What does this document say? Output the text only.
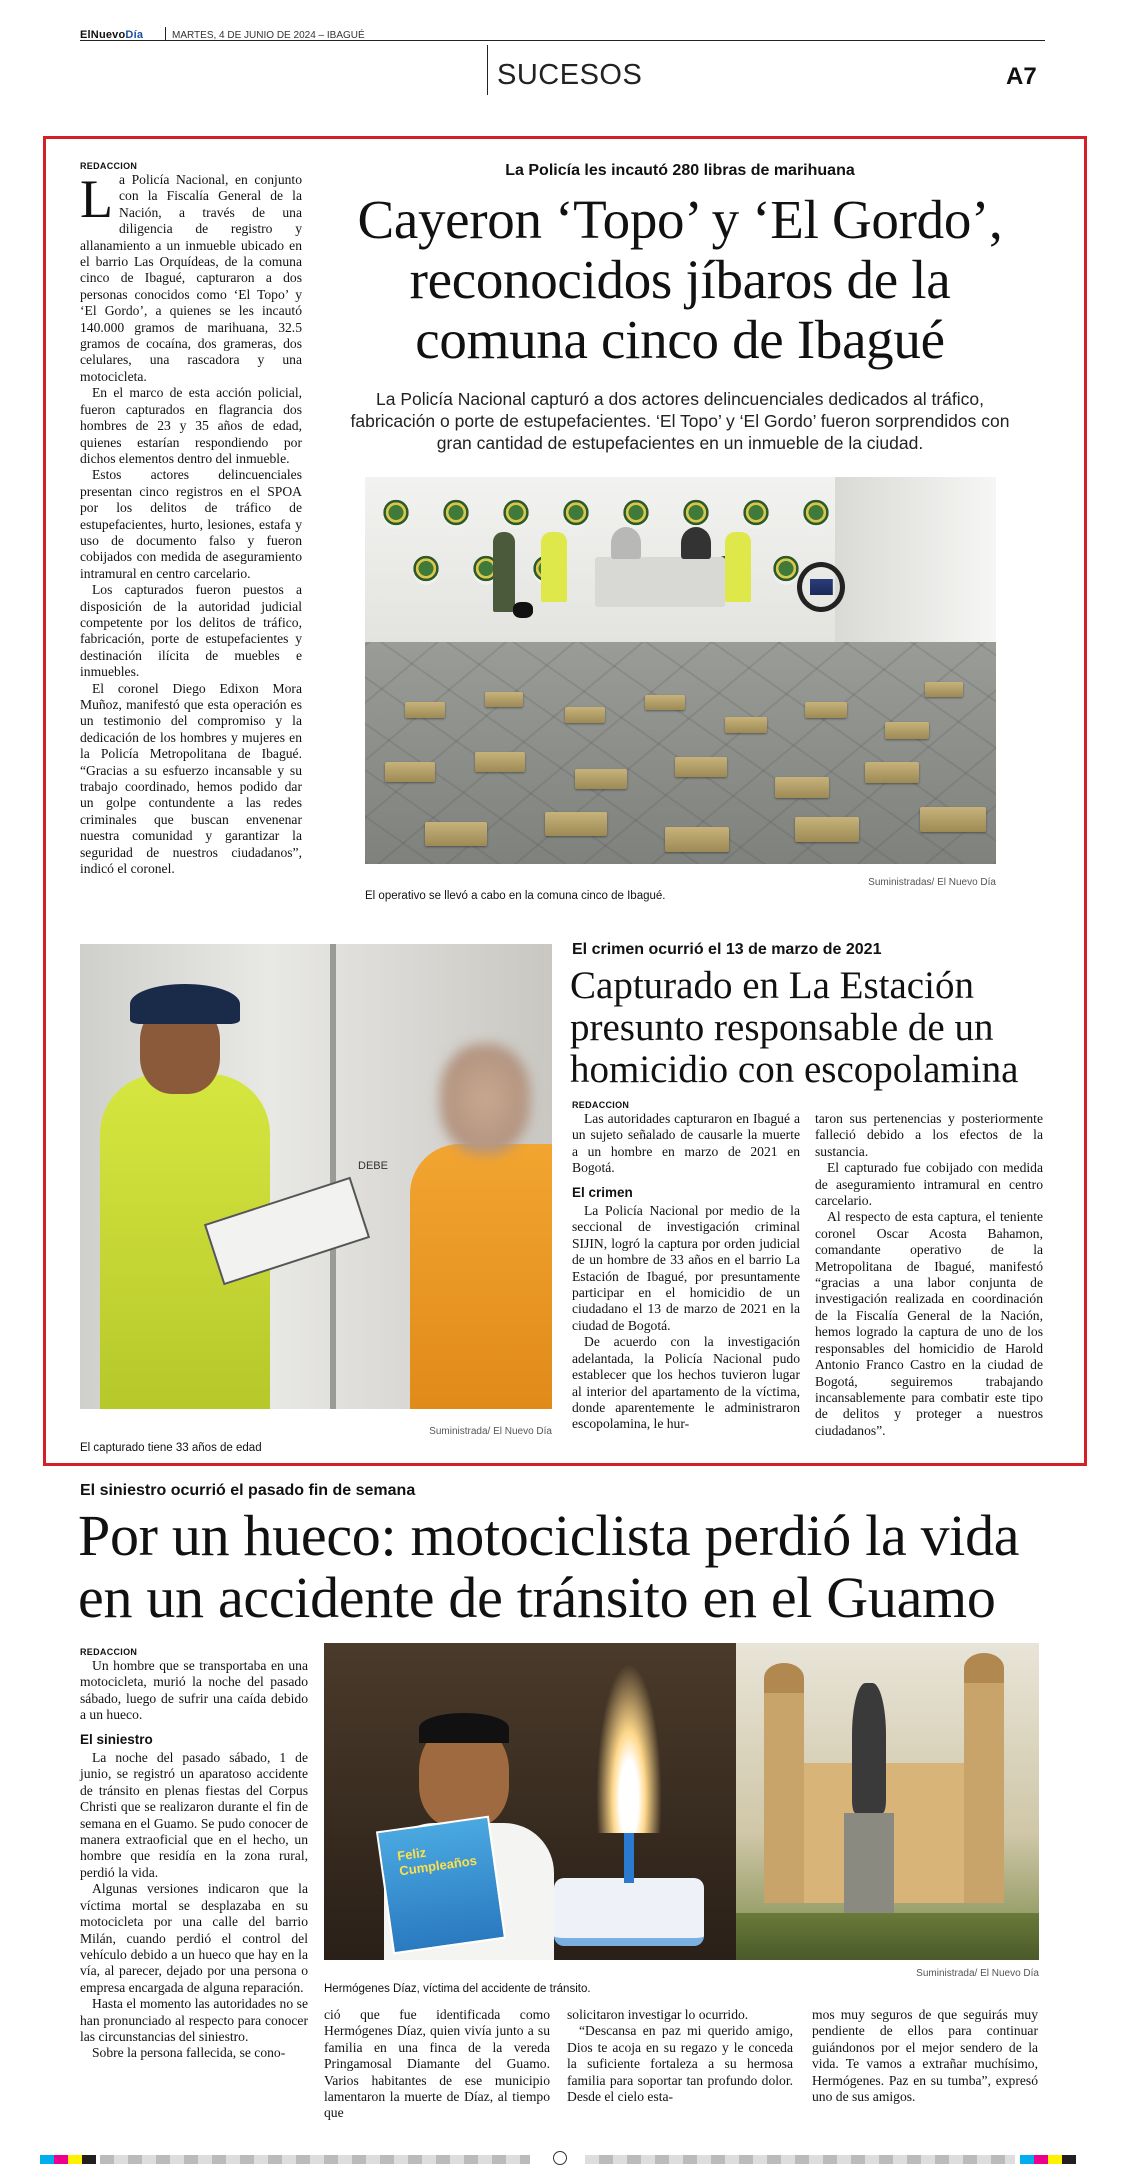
ElNuevoDía	MARTES, 4 DE JUNIO DE 2024 – IBAGUÉ
SUCESOS	A7
REDACCION

La Policía Nacional, en conjunto con la Fiscalía General de la Nación, a través de una diligencia de registro y allanamiento a un inmueble ubicado en el barrio Las Orquídeas, de la comuna cinco de Ibagué, capturaron a dos personas conocidos como ‘El Topo’ y ‘El Gordo’, a quienes se les incautó 140.000 gramos de marihuana, 32.5 gramos de cocaína, dos grameras, dos celulares, una rascadora y una motocicleta.

En el marco de esta acción policial, fueron capturados en flagrancia dos hombres de 23 y 35 años de edad, quienes estarían respondiendo por dichos elementos dentro del inmueble.

Estos actores delincuenciales presentan cinco registros en el SPOA por los delitos de tráfico de estupefacientes, hurto, lesiones, estafa y uso de documento falso y fueron cobijados con medida de aseguramiento intramural en centro carcelario.

Los capturados fueron puestos a disposición de la autoridad judicial competente por los delitos de tráfico, fabricación, porte de estupefacientes y destinación ilícita de muebles e inmuebles.

El coronel Diego Edixon Mora Muñoz, manifestó que esta operación es un testimonio del compromiso y la dedicación de los hombres y mujeres en la Policía Metropolitana de Ibagué. “Gracias a su esfuerzo incansable y su trabajo coordinado, hemos podido dar un golpe contundente a las redes criminales que buscan envenenar nuestra comunidad y garantizar la seguridad de nuestros ciudadanos”, indicó el coronel.

La Policía les incautó 280 libras de marihuana
Cayeron ‘Topo’ y ‘El Gordo’, reconocidos jíbaros de la comuna cinco de Ibagué
La Policía Nacional capturó a dos actores delincuenciales dedicados al tráfico, fabricación o porte de estupefacientes. ‘El Topo’ y ‘El Gordo’ fueron sorprendidos con gran cantidad de estupefacientes en un inmueble de la ciudad.
El operativo se llevó a cabo en la comuna cinco de Ibagué.
Suministradas/ El Nuevo Día
DEBE
El capturado tiene 33 años de edad
Suministrada/ El Nuevo Día
El crimen ocurrió el 13 de marzo de 2021
Capturado en La Estación presunto responsable de un homicidio con escopolamina
REDACCION

Las autoridades capturaron en Ibagué a un sujeto señalado de causarle la muerte a un hombre en marzo de 2021 en Bogotá.

El crimen

La Policía Nacional por medio de la seccional de investigación criminal SIJIN, logró la captura por orden judicial de un hombre de 33 años en el barrio La Estación de Ibagué, por presuntamente participar en el homicidio de un ciudadano el 13 de marzo de 2021 en la ciudad de Bogotá.

De acuerdo con la investigación adelantada, la Policía Nacional pudo establecer que los hechos tuvieron lugar al interior del apartamento de la víctima, donde aparentemente le administraron escopolamina, le hur-

taron sus pertenencias y posteriormente falleció debido a los efectos de la sustancia.

El capturado fue cobijado con medida de aseguramiento intramural en centro carcelario.

Al respecto de esta captura, el teniente coronel Oscar Acosta Bahamon, comandante operativo de la Metropolitana de Ibagué, manifestó “gracias a una labor conjunta de investigación realizada en coordinación de la Fiscalía General de la Nación, hemos logrado la captura de uno de los responsables del homicidio de Harold Antonio Franco Castro en la ciudad de Bogotá, seguiremos trabajando incansablemente para combatir este tipo de delitos y proteger a nuestros ciudadanos”.

El siniestro ocurrió el pasado fin de semana
Por un hueco: motociclista perdió la vida en un accidente de tránsito en el Guamo
REDACCION

Un hombre que se transportaba en una motocicleta, murió la noche del pasado sábado, luego de sufrir una caída debido a un hueco.

El siniestro

La noche del pasado sábado, 1 de junio, se registró un aparatoso accidente de tránsito en plenas fiestas del Corpus Christi que se realizaron durante el fin de semana en el Guamo. Se pudo conocer de manera extraoficial que en el hecho, un hombre que residía en la zona rural, perdió la vida.

Algunas versiones indicaron que la víctima mortal se desplazaba en su motocicleta por una calle del barrio Milán, cuando perdió el control del vehículo debido a un hueco que hay en la vía, al parecer, dejado por una persona o empresa encargada de alguna reparación.

Hasta el momento las autoridades no se han pronunciado al respecto para conocer las circunstancias del siniestro.

Sobre la persona fallecida, se cono-

Feliz Cumpleaños
Hermógenes Díaz, víctima del accidente de tránsito.
Suministrada/ El Nuevo Día

ció que fue identificada como Hermógenes Díaz, quien vivía junto a su familia en una finca de la vereda Pringamosal Diamante del Guamo. Varios habitantes de ese municipio lamentaron la muerte de Díaz, al tiempo que

solicitaron investigar lo ocurrido.

“Descansa en paz mi querido amigo, Dios te acoja en su regazo y le conceda la suficiente fortaleza a su hermosa familia para soportar tan profundo dolor. Desde el cielo esta-

mos muy seguros de que seguirás muy pendiente de ellos para continuar guiándonos por el mejor sendero de la vida. Te vamos a extrañar muchísimo, Hermógenes. Paz en su tumba”, expresó uno de sus amigos.
